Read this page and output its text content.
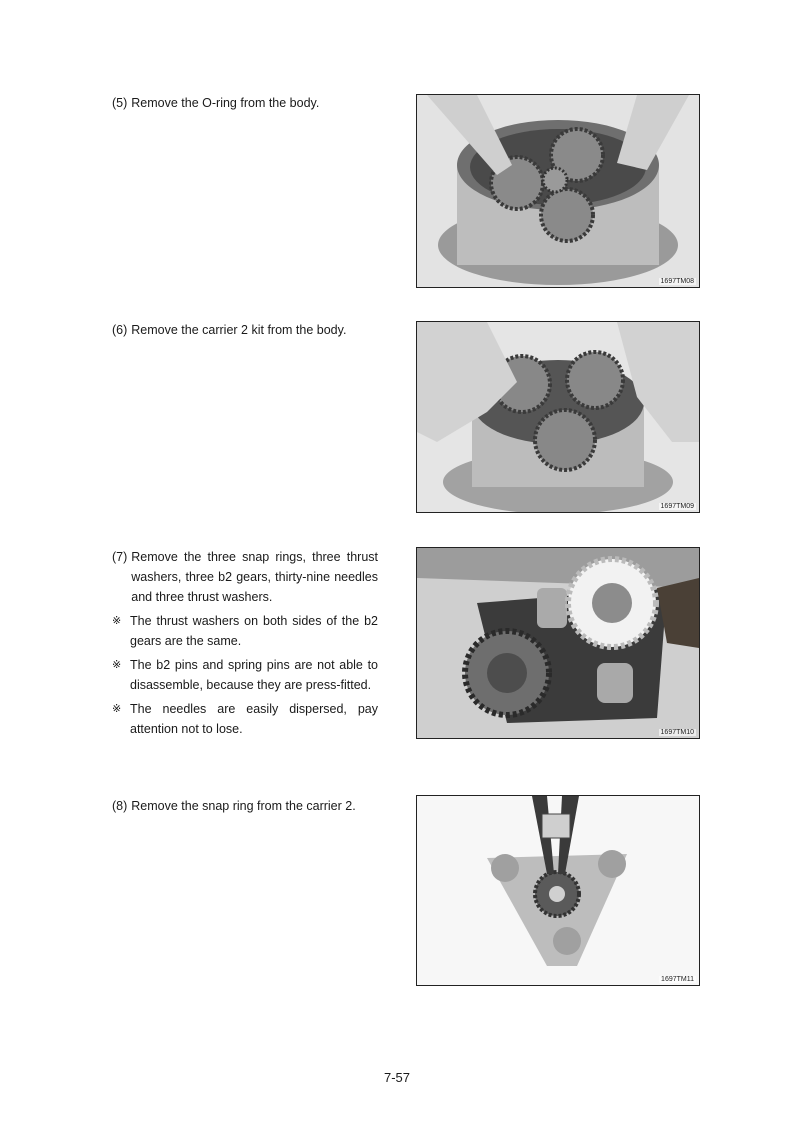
(5) Remove the O-ring from the body.
1697TM08
(6) Remove the carrier 2 kit from the body.
1697TM09
(7) Remove the three snap rings, three thrust washers, three b2 gears, thirty-nine needles and three thrust washers.
※ The thrust washers on both sides of the b2 gears are the same.
※ The b2 pins and spring pins are not able to disassemble, because they are press-fitted.
※ The needles are easily dispersed, pay attention not to lose.	1697TM10
(8) Remove the snap ring from the carrier 2.
1697TM11
7-57
